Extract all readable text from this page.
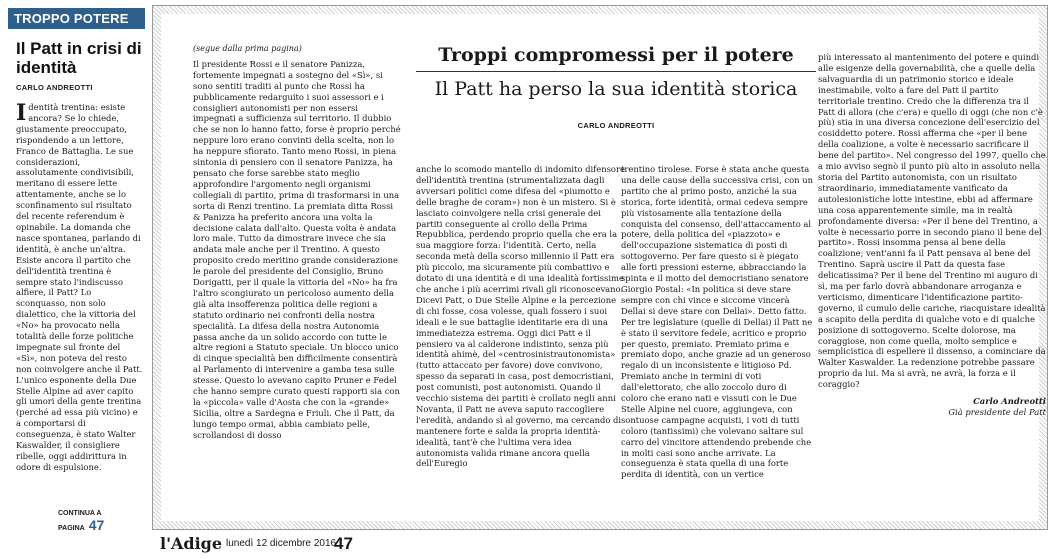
TROPPO POTERE
Il Patt in crisi di identità
CARLO ANDREOTTI
Identità trentina: esiste ancora? Se lo chiede, giustamente preoccupato, rispondendo a un lettore, Franco de Battaglia. Le sue considerazioni, assolutamente condivisibili, meritano di essere lette attentamente, anche se lo sconfinamento sul risultato del recente referendum è opinabile. La domanda che nasce spontanea, parlando di identità, è anche un'altra. Esiste ancora il partito che dell'identità trentina è sempre stato l'indiscusso alfiere, il Patt? Lo sconquasso, non solo dialettico, che la vittoria del «No» ha provocato nella totalità delle forze politiche impegnate sul fronte del «Sì», non poteva del resto non coinvolgere anche il Patt. L'unico esponente della Due Stelle Alpine ad aver capito gli umori della gente trentina (perché ad essa più vicino) e a comportarsi di conseguenza, è stato Walter Kaswalder, il consigliere ribelle, oggi addirittura in odore di espulsione.
CONTINUA A PAGINA 47

(segue dalla prima pagina)

Il presidente Rossi e il senatore Panizza, fortemente impegnati a sostegno del «Sì», si sono sentiti traditi al punto che Rossi ha pubblicamente redarguito i suoi assessori e i consiglieri autonomisti per non essersi impegnati a sufficienza sul territorio. Il dubbio che se non lo hanno fatto, forse è proprio perché neppure loro erano convinti della scelta, non lo ha neppure sfiorato. Tanto meno Rossi, in piena sintonia di pensiero con il senatore Panizza, ha pensato che forse sarebbe stato meglio approfondire l'argomento negli organismi collegiali di partito, prima di trasformarsi in una sorta di Renzi trentino. La premiata ditta Rossi & Panizza ha preferito ancora una volta la decisione calata dall'alto. Questa volta è andata loro male. Tutto da dimostrare invece che sia andata male anche per il Trentino. A questo proposito credo meritino grande considerazione le parole del presidente del Consiglio, Bruno Dorigatti, per il quale la vittoria del «No» ha fra l'altro scongiurato un pericoloso aumento della già alta insofferenza politica delle regioni a statuto ordinario nei confronti della nostra specialità. La difesa della nostra Autonomia passa anche da un solido accordo con tutte le altre regioni a Statuto speciale. Un blocco unico di cinque specialità ben difficilmente consentirà al Parlamento di intervenire a gamba tesa sulle stesse. Questo lo avevano capito Pruner e Fedel che hanno sempre curato questi rapporti sia con la «piccola» valle d'Aosta che con la «grande» Sicilia, oltre a Sardegna e Friuli. Che il Patt, da lungo tempo ormai, abbia cambiato pelle, scrollandosi di dosso

Troppi compromessi per il potere
Il Patt ha perso la sua identità storica
CARLO ANDREOTTI

anche lo scomodo mantello di indomito difensore dell'identità trentina (strumentalizzata dagli avversari politici come difesa del «piumotto e delle braghe de coram») non è un mistero. Si è lasciato coinvolgere nella crisi generale dei partiti conseguente al crollo della Prima Repubblica, perdendo proprio quella che era la sua maggiore forza: l'identità. Certo, nella seconda metà della scorso millennio il Patt era più piccolo, ma sicuramente più combattivo e dotato di una identità e di una idealità fortissime che anche i più acerrimi rivali gli riconoscevano. Dicevi Patt, o Due Stelle Alpine e la percezione di chi fosse, cosa volesse, quali fossero i suoi ideali e le sue battaglie identitarie era di una immediatezza estrema. Oggi dici Patt e il pensiero va al calderone indistinto, senza più identità ahimè, del «centrosinistrautonomista» (tutto attaccato per favore) dove convivono, spesso da separati in casa, post democristiani, post comunisti, post autonomisti. Quando il vecchio sistema dei partiti è crollato negli anni Novanta, il Patt ne aveva saputo raccogliere l'eredità, andando sì al governo, ma cercando di mantenere forte e salda la propria identità-idealità, tant'è che l'ultima vera idea autonomista valida rimane ancora quella dell'Euregio

trentino tirolese. Forse è stata anche questa una delle cause della successiva crisi, con un partito che al primo posto, anziché la sua storica, forte identità, ormai cedeva sempre più vistosamente alla tentazione della conquista del consenso, dell'attaccamento al potere, della politica del «piazzoto» e dell'occupazione sistematica di posti di sottogoverno. Per fare questo si è piegato alle forti pressioni esterne, abbracciando la spinta e il motto del democristiano senatore Giorgio Postal: «In politica si deve stare sempre con chi vince e siccome vincerà Dellai si deve stare con Dellai». Detto fatto. Per tre legislature (quelle di Dellai) il Patt ne è stato il servitore fedele, acritico e proprio per questo, premiato. Premiato prima e premiato dopo, anche grazie ad un generoso regalo di un inconsistente e litigioso Pd. Premiato anche in termini di voti dall'elettorato, che allo zoccolo duro di coloro che erano nati e vissuti con le Due Stelle Alpine nel cuore, aggiungeva, con sontuose campagne acquisti, i voti di tutti coloro (tantissimi) che volevano saltare sul carro del vincitore attendendo prebende che in molti casi sono anche arrivate. La conseguenza è stata quella di una forte perdita di identità, con un vertice

più interessato al mantenimento del potere e quindi alle esigenze della governabilità, che a quelle della salvaguardia di un patrimonio storico e ideale inestimabile, volto a fare del Patt il partito territoriale trentino. Credo che la differenza tra il Patt di allora (che c'era) e quello di oggi (che non c'è più) stia in una diversa concezione dell'esercizio del cosiddetto potere. Rossi afferma che «per il bene della coalizione, a volte è necessario sacrificare il bene del partito». Nel congresso del 1997, quello che a mio avviso segnò il punto più alto in assoluto nella storia del Partito autonomista, con un risultato straordinario, immediatamente vanificato da autolesionistiche lotte intestine, ebbi ad affermare una cosa apparentemente simile, ma in realtà profondamente diversa: «Per il bene del Trentino, a volte è necessario porre in secondo piano il bene del partito». Rossi insomma pensa al bene della coalizione; vent'anni fa il Patt pensava al bene del Trentino. Saprà uscire il Patt da questa fase delicatissima? Per il bene del Trentino mi auguro di sì, ma per farlo dovrà abbandonare arroganza e verticismo, dimenticare l'identificazione partito-governo, il cumulo delle cariche, riacquistare idealità a scapito della perdita di qualche voto e di qualche posizione di sottogoverno. Scelte dolorose, ma coraggiose, non come quella, molto semplice e semplicistica di espellere il dissenso, a cominciare da Walter Kaswalder. La redenzione potrebbe passare proprio da lui. Ma si avrà, ne avrà, la forza e il coraggio?

Carlo Andreotti

Già presidente del Patt

l'Adige lunedì 12 dicembre 2016
47
